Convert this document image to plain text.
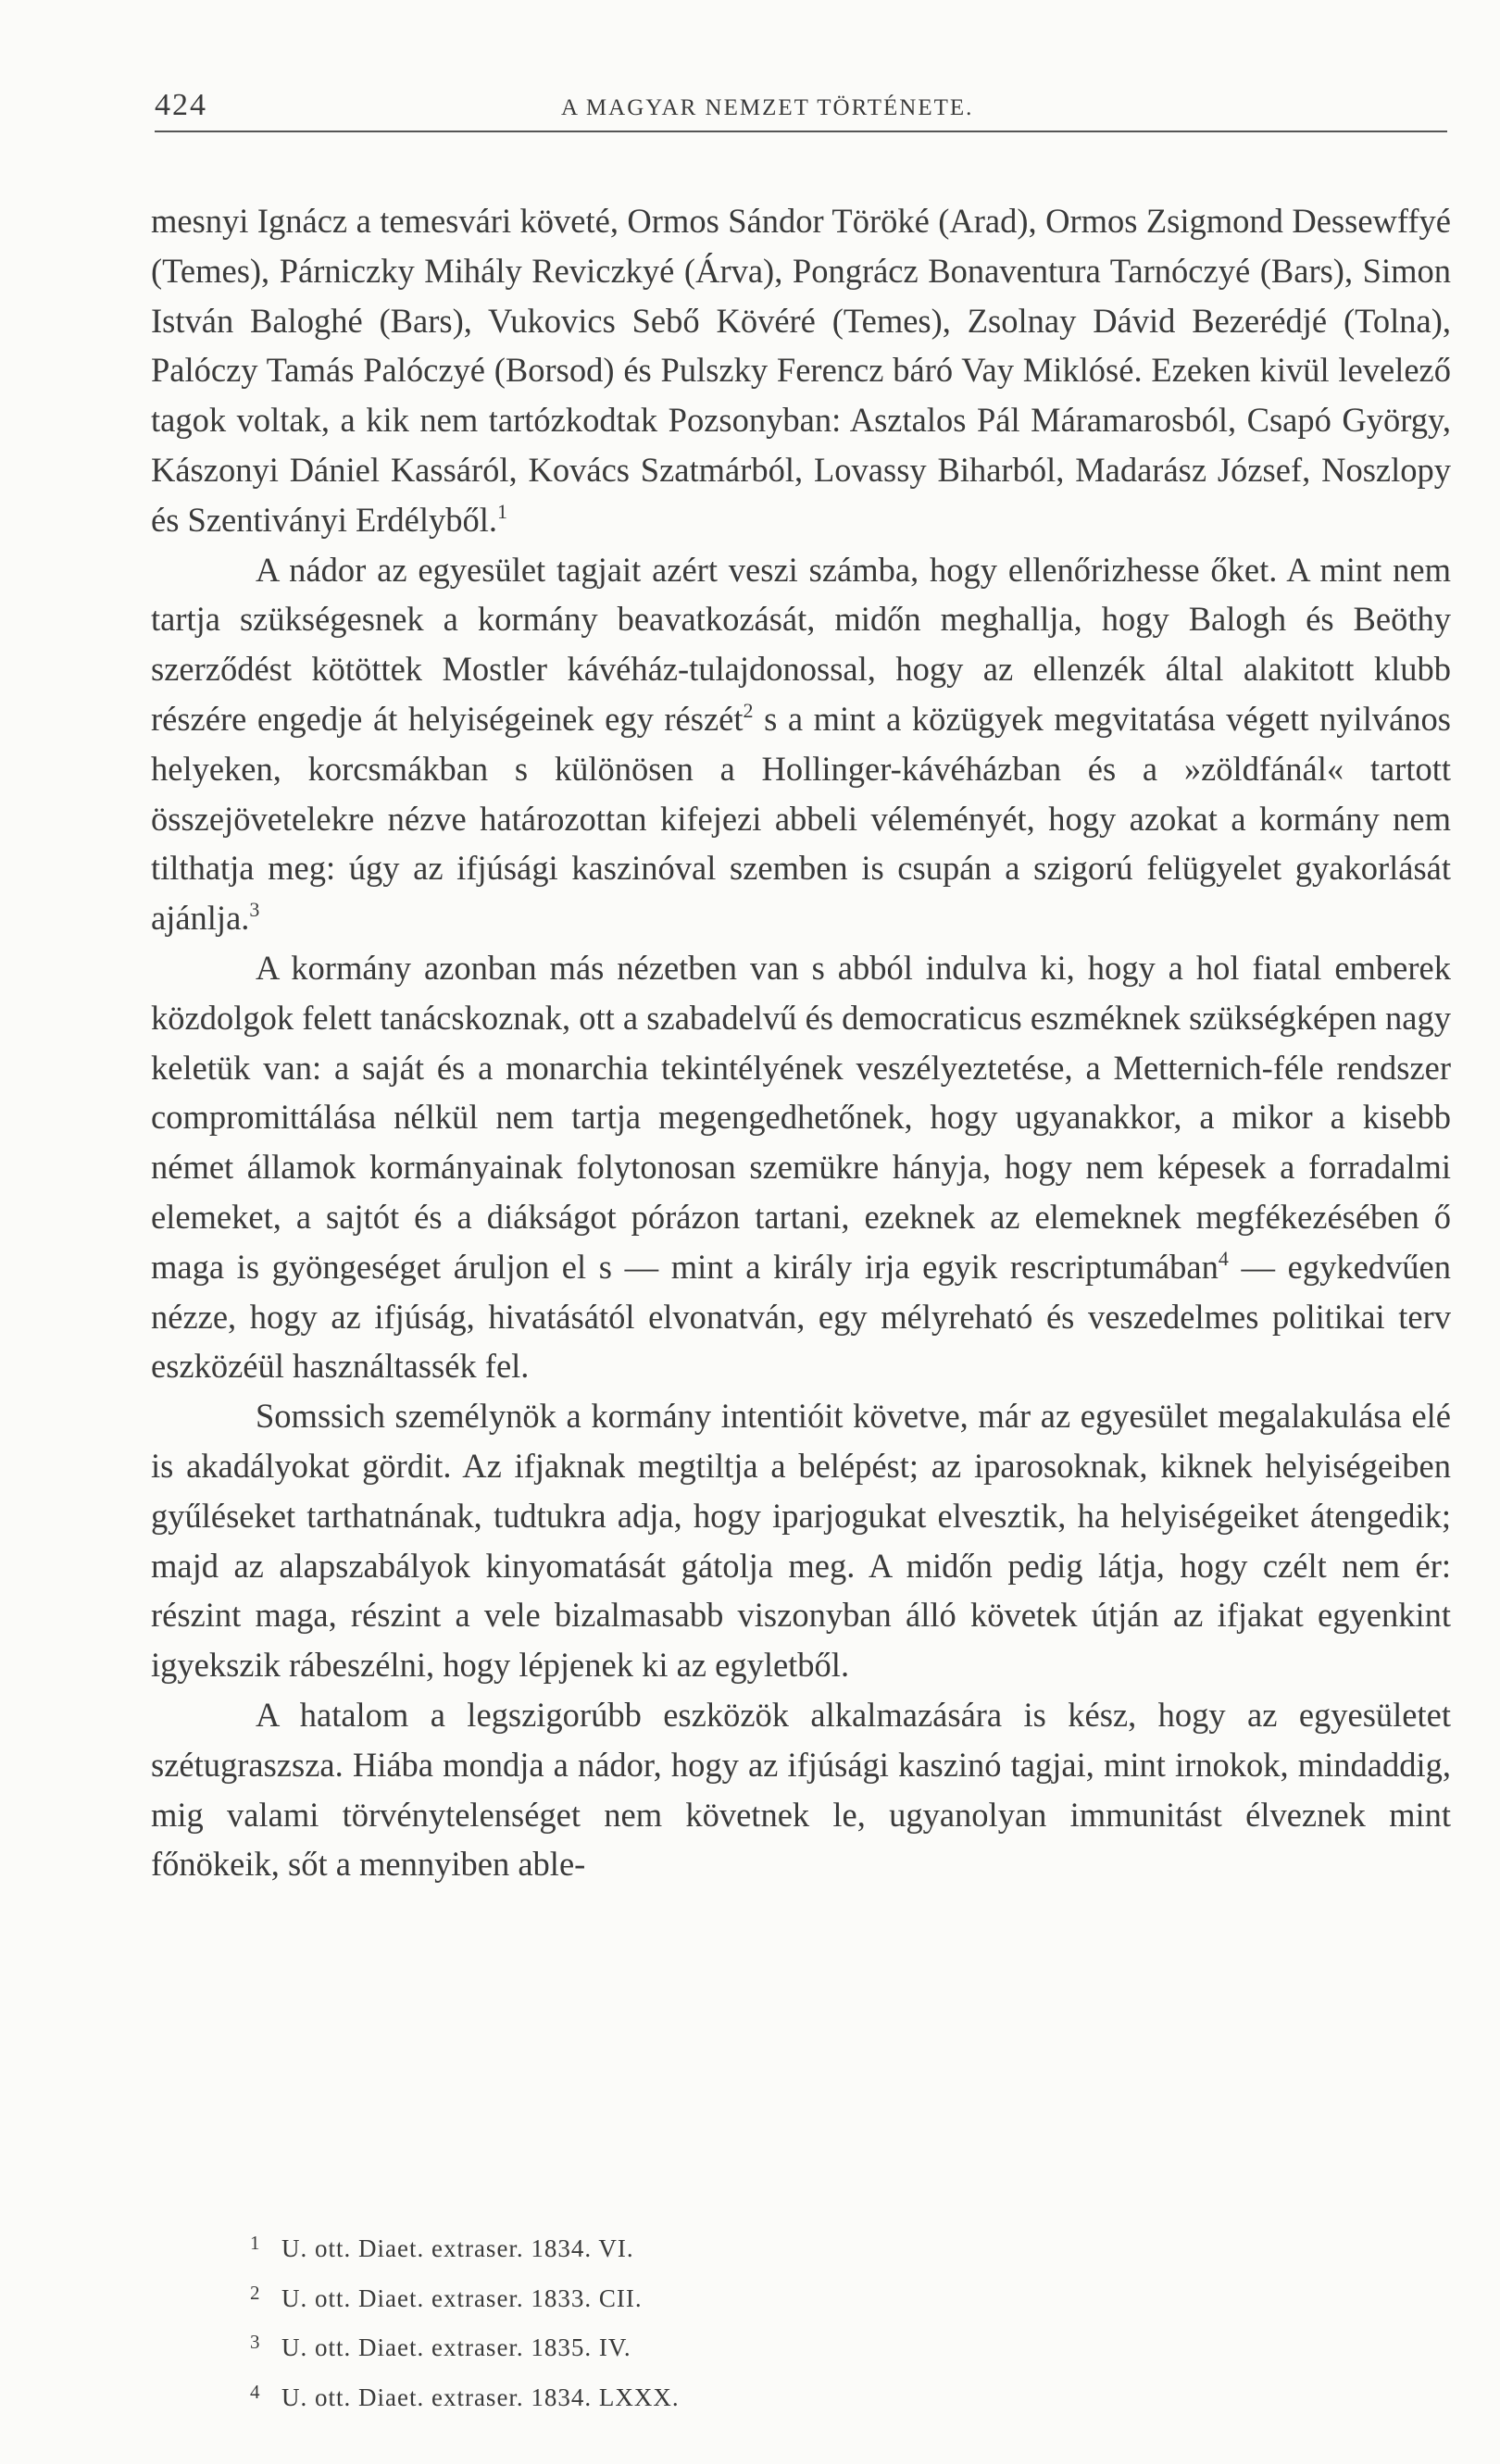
424	A MAGYAR NEMZET TÖRTÉNETE.

mesnyi Ignácz a temesvári követé, Ormos Sándor Töröké (Arad), Ormos Zsigmond Dessewffyé (Temes), Párniczky Mihály Reviczkyé (Árva), Pongrácz Bonaventura Tarnóczyé (Bars), Simon István Baloghé (Bars), Vukovics Sebő Kövéré (Temes), Zsolnay Dávid Bezerédjé (Tolna), Palóczy Tamás Palóczyé (Borsod) és Pulszky Ferencz báró Vay Miklósé. Ezeken kivül levelező tagok voltak, a kik nem tartózkodtak Pozsonyban: Asztalos Pál Máramarosból, Csapó György, Kászonyi Dániel Kassáról, Kovács Szatmárból, Lovassy Biharból, Madarász József, Noszlopy és Szentiványi Erdélyből.$^1$

A nádor az egyesület tagjait azért veszi számba, hogy ellenőrizhesse őket. A mint nem tartja szükségesnek a kormány beavatkozását, midőn meghallja, hogy Balogh és Beöthy szerződést kötöttek Mostler kávéház-tulajdonossal, hogy az ellenzék által alakitott klubb részére engedje át helyiségeinek egy részét$^2$ s a mint a közügyek megvitatása végett nyilvános helyeken, korcsmákban s különösen a Hollinger-kávéházban és a »zöldfánál« tartott összejövetelekre nézve határozottan kifejezi abbeli véleményét, hogy azokat a kormány nem tilthatja meg: úgy az ifjúsági kaszinóval szemben is csupán a szigorú felügyelet gyakorlását ajánlja.$^3$

A kormány azonban más nézetben van s abból indulva ki, hogy a hol fiatal emberek közdolgok felett tanácskoznak, ott a szabadelvű és democraticus eszméknek szükségképen nagy keletük van: a saját és a monarchia tekintélyének veszélyeztetése, a Metternich-féle rendszer compromittálása nélkül nem tartja megengedhetőnek, hogy ugyanakkor, a mikor a kisebb német államok kormányainak folytonosan szemükre hányja, hogy nem képesek a forradalmi elemeket, a sajtót és a diákságot pórázon tartani, ezeknek az elemeknek megfékezésében ő maga is gyöngeséget áruljon el s — mint a király irja egyik rescriptumában$^4$ — egykedvűen nézze, hogy az ifjúság, hivatásától elvonatván, egy mélyreható és veszedelmes politikai terv eszközéül használtassék fel.

Somssich személynök a kormány intentióit követve, már az egyesület megalakulása elé is akadályokat gördit. Az ifjaknak megtiltja a belépést; az iparosoknak, kiknek helyiségeiben gyűléseket tarthatnának, tudtukra adja, hogy iparjogukat elvesztik, ha helyiségeiket átengedik; majd az alapszabályok kinyomatását gátolja meg. A midőn pedig látja, hogy czélt nem ér: részint maga, részint a vele bizalmasabb viszonyban álló követek útján az ifjakat egyenkint igyekszik rábeszélni, hogy lépjenek ki az egyletből.

A hatalom a legszigorúbb eszközök alkalmazására is kész, hogy az egyesületet szétugraszsza. Hiába mondja a nádor, hogy az ifjúsági kaszinó tagjai, mint irnokok, mindaddig, mig valami törvénytelenséget nem követnek le, ugyanolyan immunitást élveznek mint főnökeik, sőt a mennyiben able-

1 U. ott. Diaet. extraser. 1834. VI.
2 U. ott. Diaet. extraser. 1833. CII.
3 U. ott. Diaet. extraser. 1835. IV.
4 U. ott. Diaet. extraser. 1834. LXXX.
